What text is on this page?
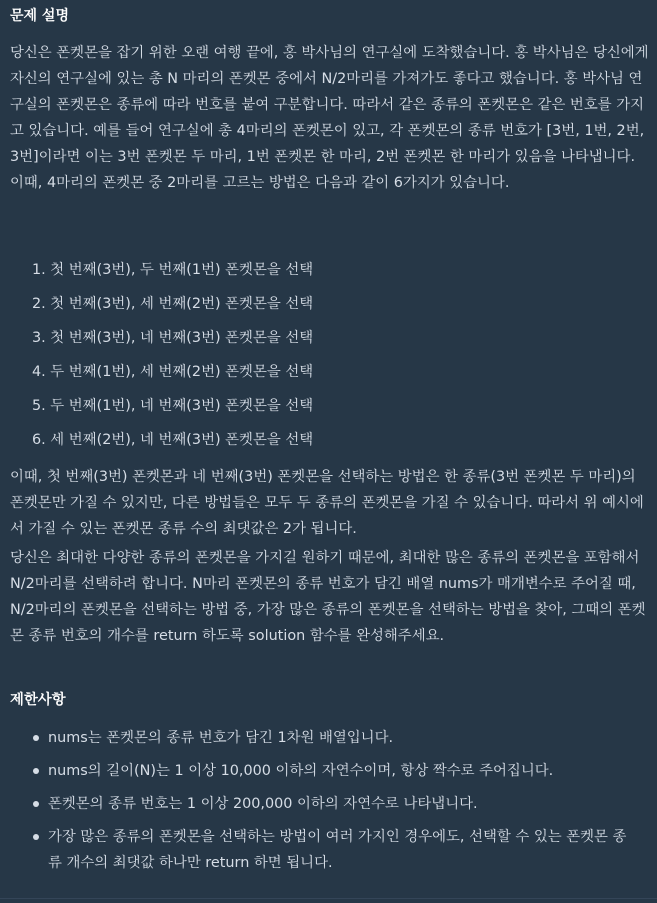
문제 설명

당신은 폰켓몬을 잡기 위한 오랜 여행 끝에, 홍 박사님의 연구실에 도착했습니다. 홍 박사님은 당신에게 자신의 연구실에 있는 총 N 마리의 폰켓몬 중에서 N/2마리를 가져가도 좋다고 했습니다. 홍 박사님 연구실의 폰켓몬은 종류에 따라 번호를 붙여 구분합니다. 따라서 같은 종류의 폰켓몬은 같은 번호를 가지고 있습니다. 예를 들어 연구실에 총 4마리의 폰켓몬이 있고, 각 폰켓몬의 종류 번호가 [3번, 1번, 2번, 3번]이라면 이는 3번 폰켓몬 두 마리, 1번 폰켓몬 한 마리, 2번 폰켓몬 한 마리가 있음을 나타냅니다. 이때, 4마리의 폰켓몬 중 2마리를 고르는 방법은 다음과 같이 6가지가 있습니다.

1. 첫 번째(3번), 두 번째(1번) 폰켓몬을 선택
2. 첫 번째(3번), 세 번째(2번) 폰켓몬을 선택
3. 첫 번째(3번), 네 번째(3번) 폰켓몬을 선택
4. 두 번째(1번), 세 번째(2번) 폰켓몬을 선택
5. 두 번째(1번), 네 번째(3번) 폰켓몬을 선택
6. 세 번째(2번), 네 번째(3번) 폰켓몬을 선택

이때, 첫 번째(3번) 폰켓몬과 네 번째(3번) 폰켓몬을 선택하는 방법은 한 종류(3번 폰켓몬 두 마리)의 폰켓몬만 가질 수 있지만, 다른 방법들은 모두 두 종류의 폰켓몬을 가질 수 있습니다. 따라서 위 예시에서 가질 수 있는 폰켓몬 종류 수의 최댓값은 2가 됩니다.

당신은 최대한 다양한 종류의 폰켓몬을 가지길 원하기 때문에, 최대한 많은 종류의 폰켓몬을 포함해서 N/2마리를 선택하려 합니다. N마리 폰켓몬의 종류 번호가 담긴 배열 nums가 매개변수로 주어질 때, N/2마리의 폰켓몬을 선택하는 방법 중, 가장 많은 종류의 폰켓몬을 선택하는 방법을 찾아, 그때의 폰켓몬 종류 번호의 개수를 return 하도록 solution 함수를 완성해주세요.

제한사항
nums는 폰켓몬의 종류 번호가 담긴 1차원 배열입니다.
nums의 길이(N)는 1 이상 10,000 이하의 자연수이며, 항상 짝수로 주어집니다.
폰켓몬의 종류 번호는 1 이상 200,000 이하의 자연수로 나타냅니다.
가장 많은 종류의 폰켓몬을 선택하는 방법이 여러 가지인 경우에도, 선택할 수 있는 폰켓몬 종류 개수의 최댓값 하나만 return 하면 됩니다.
